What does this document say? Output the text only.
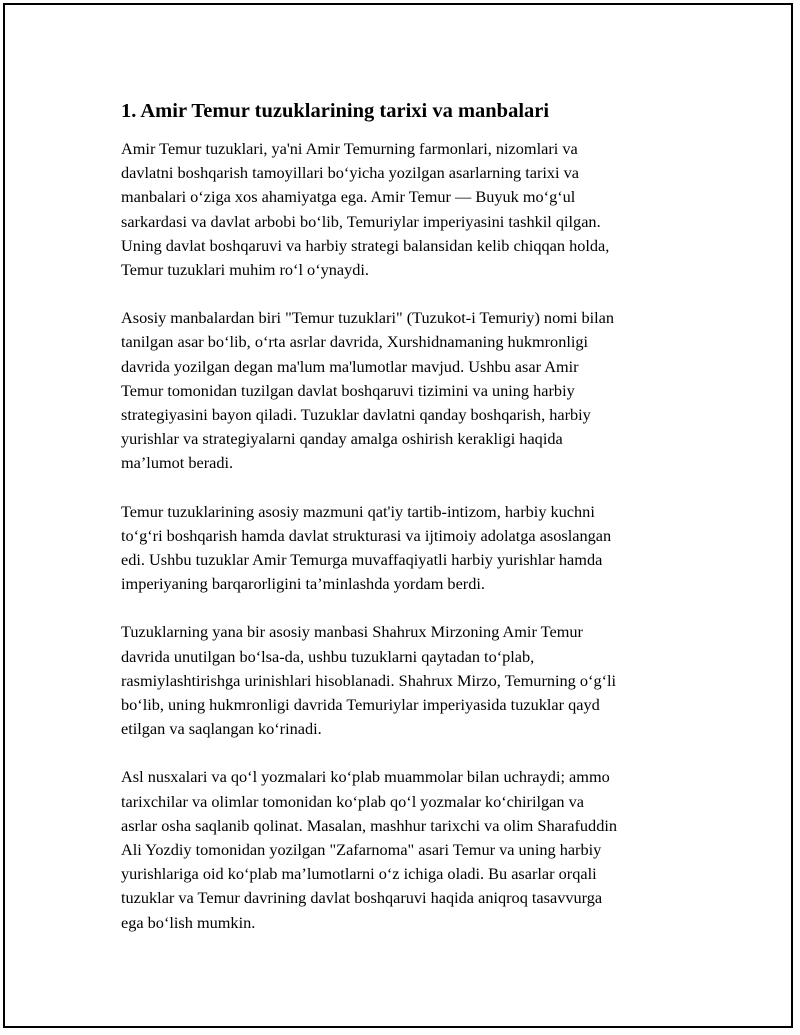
1. Amir Temur tuzuklarining tarixi va manbalari

Amir Temur tuzuklari, ya'ni Amir Temurning farmonlari, nizomlari va
davlatni boshqarish tamoyillari bo‘yicha yozilgan asarlarning tarixi va
manbalari o‘ziga xos ahamiyatga ega. Amir Temur — Buyuk mo‘g‘ul
sarkardasi va davlat arbobi bo‘lib, Temuriylar imperiyasini tashkil qilgan.
Uning davlat boshqaruvi va harbiy strategi balansidan kelib chiqqan holda,
Temur tuzuklari muhim ro‘l o‘ynaydi.

Asosiy manbalardan biri "Temur tuzuklari" (Tuzukot-i Temuriy) nomi bilan
tanilgan asar bo‘lib, o‘rta asrlar davrida, Xurshidnamaning hukmronligi
davrida yozilgan degan ma'lum ma'lumotlar mavjud. Ushbu asar Amir
Temur tomonidan tuzilgan davlat boshqaruvi tizimini va uning harbiy
strategiyasini bayon qiladi. Tuzuklar davlatni qanday boshqarish, harbiy
yurishlar va strategiyalarni qanday amalga oshirish kerakligi haqida
ma’lumot beradi.

Temur tuzuklarining asosiy mazmuni qat'iy tartib-intizom, harbiy kuchni
to‘g‘ri boshqarish hamda davlat strukturasi va ijtimoiy adolatga asoslangan
edi. Ushbu tuzuklar Amir Temurga muvaffaqiyatli harbiy yurishlar hamda
imperiyaning barqarorligini ta’minlashda yordam berdi.

Tuzuklarning yana bir asosiy manbasi Shahrux Mirzoning Amir Temur
davrida unutilgan bo‘lsa-da, ushbu tuzuklarni qaytadan to‘plab,
rasmiylashtirishga urinishlari hisoblanadi. Shahrux Mirzo, Temurning o‘g‘li
bo‘lib, uning hukmronligi davrida Temuriylar imperiyasida tuzuklar qayd
etilgan va saqlangan ko‘rinadi.

Asl nusxalari va qo‘l yozmalari ko‘plab muammolar bilan uchraydi; ammo
tarixchilar va olimlar tomonidan ko‘plab qo‘l yozmalar ko‘chirilgan va
asrlar osha saqlanib qolinat. Masalan, mashhur tarixchi va olim Sharafuddin
Ali Yozdiy tomonidan yozilgan "Zafarnoma" asari Temur va uning harbiy
yurishlariga oid ko‘plab ma’lumotlarni o‘z ichiga oladi. Bu asarlar orqali
tuzuklar va Temur davrining davlat boshqaruvi haqida aniqroq tasavvurga
ega bo‘lish mumkin.
